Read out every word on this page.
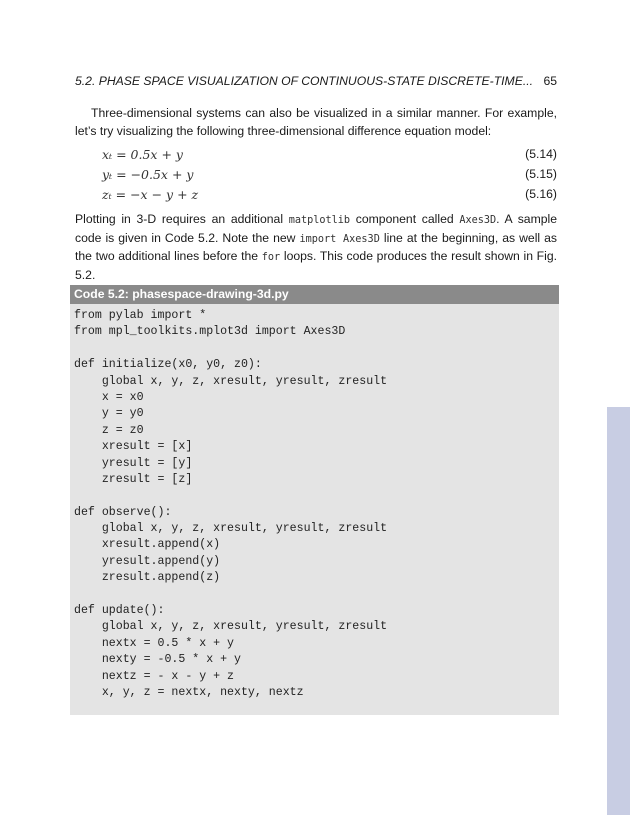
5.2. PHASE SPACE VISUALIZATION OF CONTINUOUS-STATE DISCRETE-TIME... 65
Three-dimensional systems can also be visualized in a similar manner. For example,
let’s try visualizing the following three-dimensional difference equation model:
xₜ = 0.5x + y	(5.14)
yₜ = −0.5x + y	(5.15)
zₜ = −x − y + z	(5.16)
Plotting in 3-D requires an additional matplotlib component called Axes3D. A sample code is given in Code 5.2. Note the new import Axes3D line at the beginning, as well as the two additional lines before the for loops. This code produces the result shown in Fig. 5.2.
Code 5.2: phasespace-drawing-3d.py
from pylab import *
from mpl_toolkits.mplot3d import Axes3D
def initialize(x0, y0, z0):
global x, y, z, xresult, yresult, zresult
x = x0
y = y0
z = z0
xresult = [x]
yresult = [y]
zresult = [z]
def observe():
global x, y, z, xresult, yresult, zresult
xresult.append(x)
yresult.append(y)
zresult.append(z)
def update():
global x, y, z, xresult, yresult, zresult
nextx = 0.5 * x + y
nexty = -0.5 * x + y
nextz = - x - y + z
x, y, z = nextx, nexty, nextz
